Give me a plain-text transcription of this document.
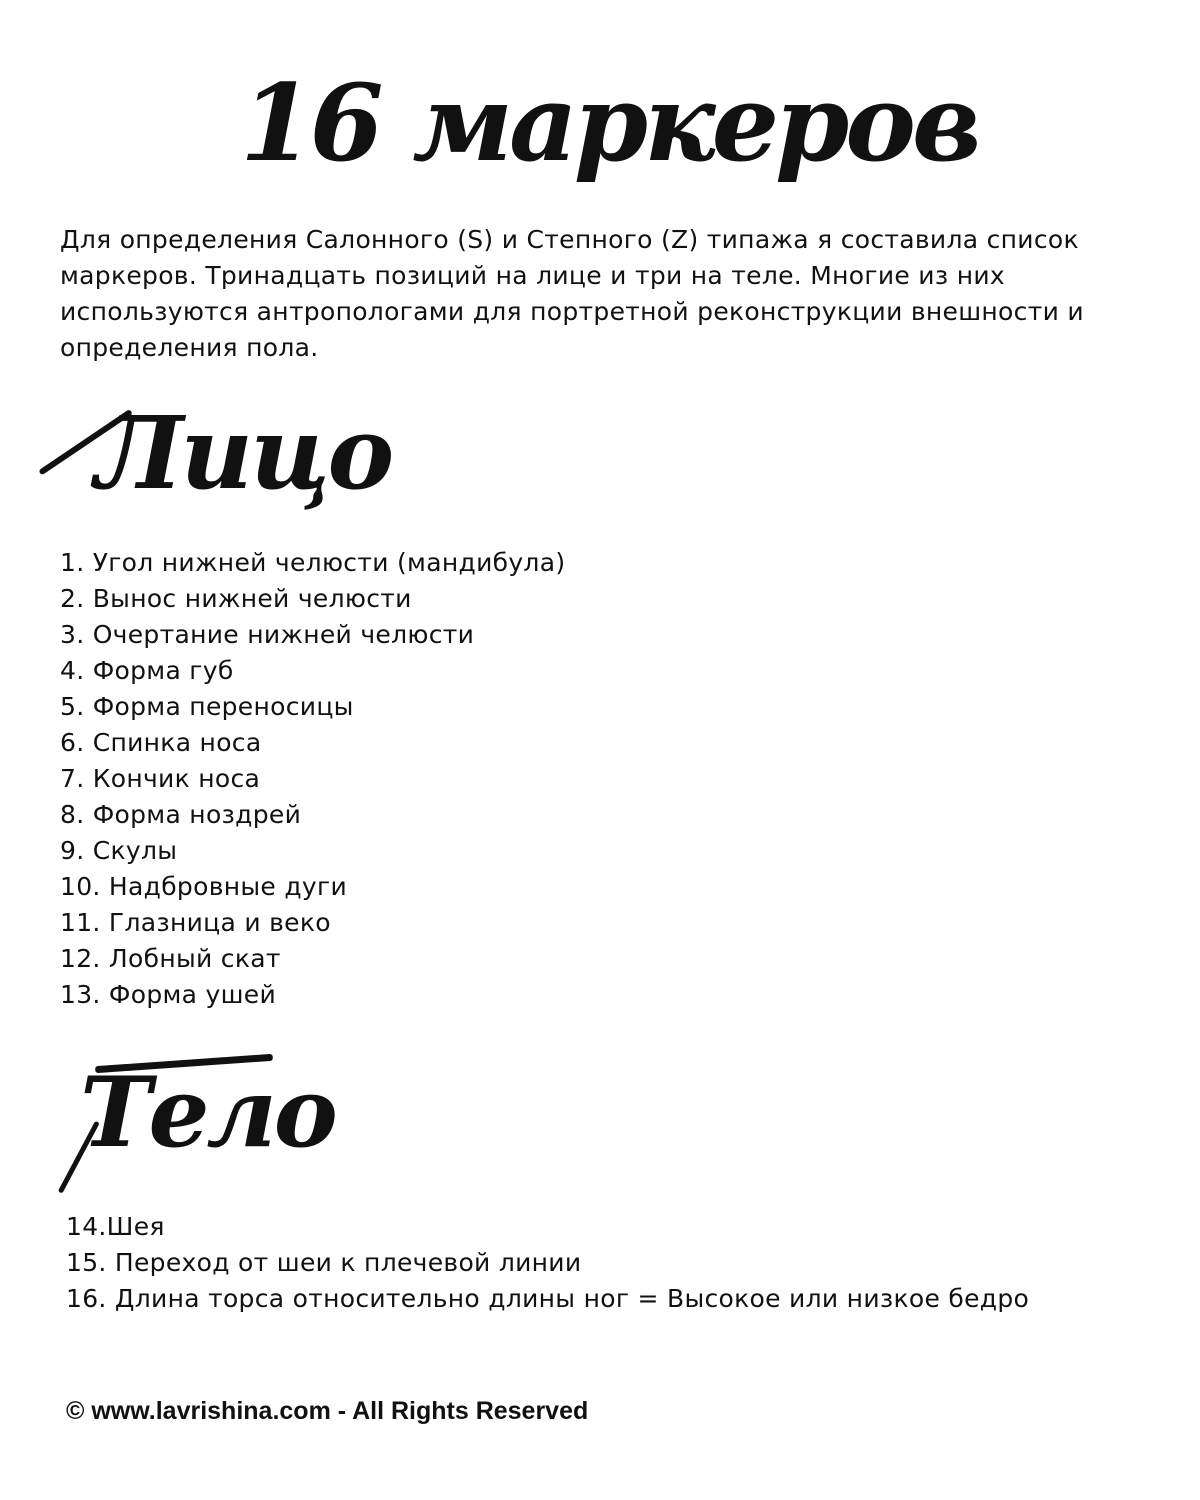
16 маркеров

Для определения Салонного (S) и Степного (Z) типажа я составила список маркеров. Тринадцать позиций на лице и три на теле. Многие из них используются антропологами для портретной реконструкции внешности и определения пола.

Лицо
1. Угол нижней челюсти (мандибула)
2. Вынос нижней челюсти
3. Очертание нижней челюсти
4. Форма губ
5. Форма переносицы
6. Спинка носа
7. Кончик носа
8. Форма ноздрей
9. Скулы
10. Надбровные дуги
11. Глазница и веко
12. Лобный скат
13. Форма ушей
Тело
14.Шея
15. Переход от шеи к плечевой линии
16. Длина торса относительно длины ног = Высокое или низкое бедро

© www.lavrishina.com - All Rights Reserved
